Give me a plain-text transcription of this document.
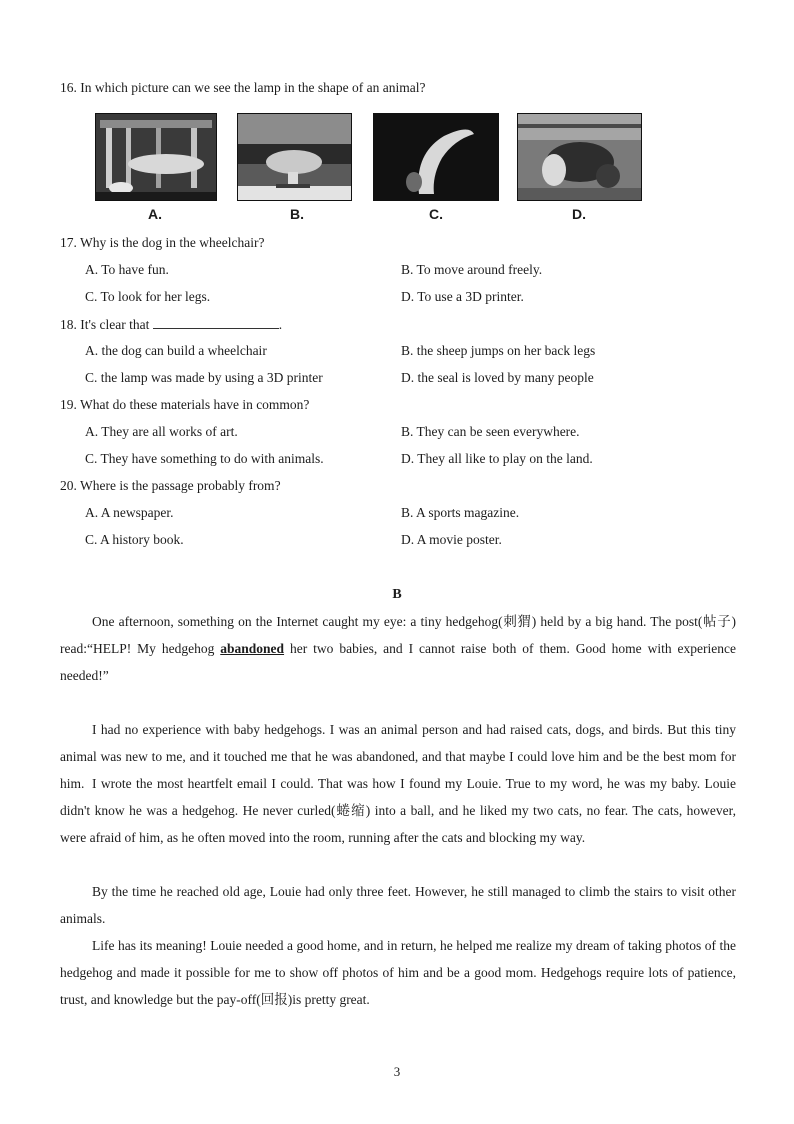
16. In which picture can we see the lamp in the shape of an animal?
A.	B.	C.	D.
17. Why is the dog in the wheelchair?
A. To have fun.	B. To move around freely.
C. To look for her legs.	D. To use a 3D printer.
18. It's clear that	.
A. the dog can build a wheelchair	B. the sheep jumps on her back legs
C. the lamp was made by using a 3D printer	D. the seal is loved by many people
19. What do these materials have in common?
A. They are all works of art.	B. They can be seen everywhere.
C. They have something to do with animals.	D. They all like to play on the land.
20. Where is the passage probably from?
A. A newspaper.	B. A sports magazine.
C. A history book.	D. A movie poster.
B

One afternoon, something on the Internet caught my eye: a tiny hedgehog(刺猬) held by a big hand. The post(帖子) read:“HELP! My hedgehog abandoned her two babies, and I cannot raise both of them. Good home with experience needed!”

I had no experience with baby hedgehogs. I was an animal person and had raised cats, dogs, and birds. But this tiny animal was new to me, and it touched me that he was abandoned, and that maybe I could love him and be the best mom for him. I wrote the most heartfelt email I could. That was how I found my Louie. True to my word, he was my baby. Louie didn't know he was a hedgehog. He never curled(蜷缩) into a ball, and he liked my two cats, no fear. The cats, however, were afraid of him, as he often moved into the room, running after the cats and blocking my way.

By the time he reached old age, Louie had only three feet. However, he still managed to climb the stairs to visit other animals.

Life has its meaning! Louie needed a good home, and in return, he helped me realize my dream of taking photos of the hedgehog and made it possible for me to show off photos of him and be a good mom. Hedgehogs require lots of patience, trust, and knowledge but the pay-off(回报)is pretty great.

3
